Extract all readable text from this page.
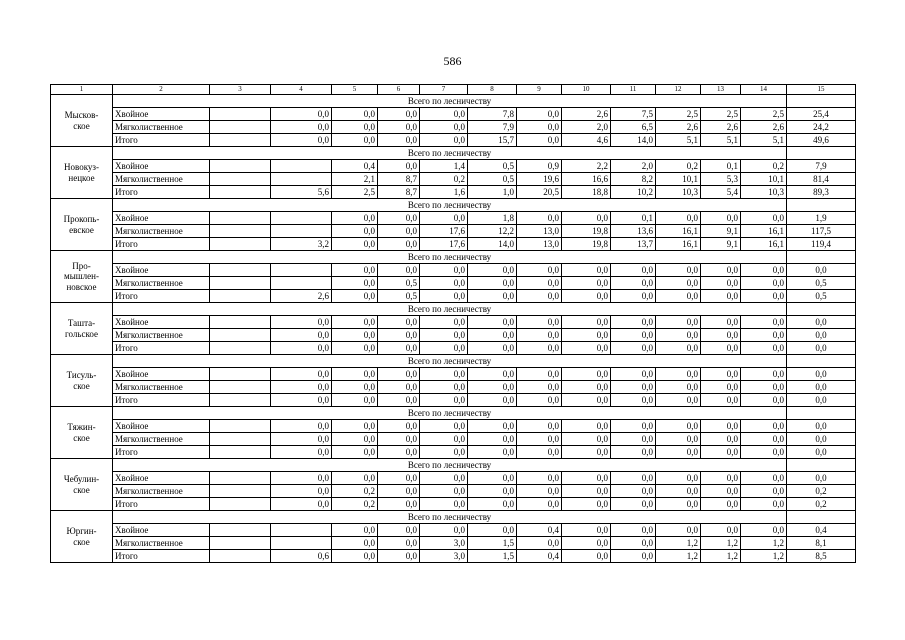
586
1	2	3	4	5	6	7	8	9	10	11	12	13	14	15

Мысков-
ское	Всего по лесничеству													
	Хвойное		0,0	0,0	0,0	0,0	7,8	0,0	2,6	7,5	2,5	2,5	2,5	25,4
	Мягколиственное		0,0	0,0	0,0	0,0	7,9	0,0	2,0	6,5	2,6	2,6	2,6	24,2
	Итого		0,0	0,0	0,0	0,0	15,7	0,0	4,6	14,0	5,1	5,1	5,1	49,6

Новокуз-
нецкое	Всего по лесничеству													
	Хвойное			0,4	0,0	1,4	0,5	0,9	2,2	2,0	0,2	0,1	0,2	7,9
	Мягколиственное			2,1	8,7	0,2	0,5	19,6	16,6	8,2	10,1	5,3	10,1	81,4
	Итого		5,6	2,5	8,7	1,6	1,0	20,5	18,8	10,2	10,3	5,4	10,3	89,3

Прокопь-
евское	Всего по лесничеству													
	Хвойное			0,0	0,0	0,0	1,8	0,0	0,0	0,1	0,0	0,0	0,0	1,9
	Мягколиственное			0,0	0,0	17,6	12,2	13,0	19,8	13,6	16,1	9,1	16,1	117,5
	Итого		3,2	0,0	0,0	17,6	14,0	13,0	19,8	13,7	16,1	9,1	16,1	119,4

Про-
мышлен-
новское	Всего по лесничеству													
	Хвойное			0,0	0,0	0,0	0,0	0,0	0,0	0,0	0,0	0,0	0,0	0,0
	Мягколиственное			0,0	0,5	0,0	0,0	0,0	0,0	0,0	0,0	0,0	0,0	0,5
	Итого		2,6	0,0	0,5	0,0	0,0	0,0	0,0	0,0	0,0	0,0	0,0	0,5

Ташта-
гольское	Всего по лесничеству													
	Хвойное		0,0	0,0	0,0	0,0	0,0	0,0	0,0	0,0	0,0	0,0	0,0	0,0
	Мягколиственное		0,0	0,0	0,0	0,0	0,0	0,0	0,0	0,0	0,0	0,0	0,0	0,0
	Итого		0,0	0,0	0,0	0,0	0,0	0,0	0,0	0,0	0,0	0,0	0,0	0,0

Тисуль-
ское	Всего по лесничеству													
	Хвойное		0,0	0,0	0,0	0,0	0,0	0,0	0,0	0,0	0,0	0,0	0,0	0,0
	Мягколиственное		0,0	0,0	0,0	0,0	0,0	0,0	0,0	0,0	0,0	0,0	0,0	0,0
	Итого		0,0	0,0	0,0	0,0	0,0	0,0	0,0	0,0	0,0	0,0	0,0	0,0

Тяжин-
ское	Всего по лесничеству													
	Хвойное		0,0	0,0	0,0	0,0	0,0	0,0	0,0	0,0	0,0	0,0	0,0	0,0
	Мягколиственное		0,0	0,0	0,0	0,0	0,0	0,0	0,0	0,0	0,0	0,0	0,0	0,0
	Итого		0,0	0,0	0,0	0,0	0,0	0,0	0,0	0,0	0,0	0,0	0,0	0,0

Чебулин-
ское	Всего по лесничеству													
	Хвойное		0,0	0,0	0,0	0,0	0,0	0,0	0,0	0,0	0,0	0,0	0,0	0,0
	Мягколиственное		0,0	0,2	0,0	0,0	0,0	0,0	0,0	0,0	0,0	0,0	0,0	0,2
	Итого		0,0	0,2	0,0	0,0	0,0	0,0	0,0	0,0	0,0	0,0	0,0	0,2

Юргин-
ское	Всего по лесничеству													
	Хвойное			0,0	0,0	0,0	0,0	0,4	0,0	0,0	0,0	0,0	0,0	0,4
	Мягколиственное			0,0	0,0	3,0	1,5	0,0	0,0	0,0	1,2	1,2	1,2	8,1
	Итого		0,6	0,0	0,0	3,0	1,5	0,4	0,0	0,0	1,2	1,2	1,2	8,5
